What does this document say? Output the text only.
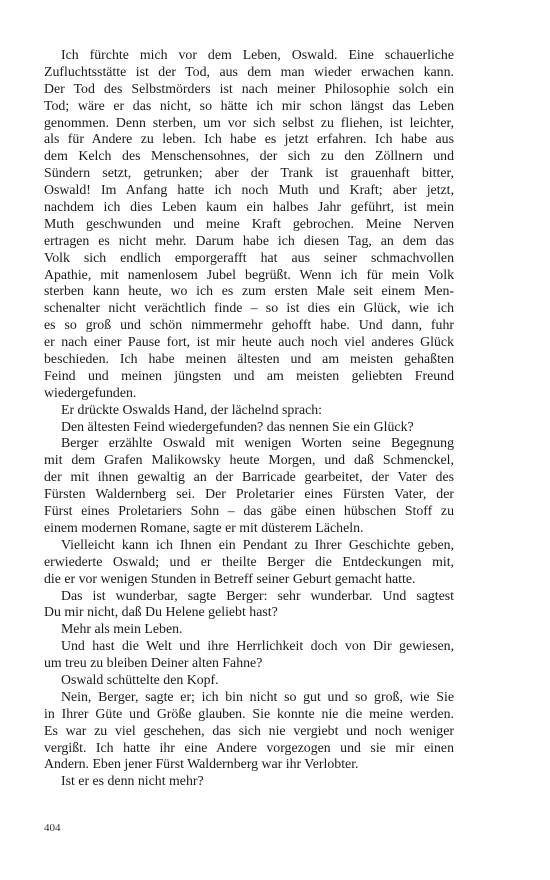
Ich fürchte mich vor dem Leben, Oswald. Eine schauerliche
Zufluchtsstätte ist der Tod, aus dem man wieder erwachen kann.
Der Tod des Selbstmörders ist nach meiner Philosophie solch ein
Tod; wäre er das nicht, so hätte ich mir schon längst das Leben
genommen. Denn sterben, um vor sich selbst zu fliehen, ist leichter,
als für Andere zu leben. Ich habe es jetzt erfahren. Ich habe aus
dem Kelch des Menschensohnes, der sich zu den Zöllnern und
Sündern setzt, getrunken; aber der Trank ist grauenhaft bitter,
Oswald! Im Anfang hatte ich noch Muth und Kraft; aber jetzt,
nachdem ich dies Leben kaum ein halbes Jahr geführt, ist mein
Muth geschwunden und meine Kraft gebrochen. Meine Nerven
ertragen es nicht mehr. Darum habe ich diesen Tag, an dem das
Volk sich endlich emporgerafft hat aus seiner schmachvollen
Apathie, mit namenlosem Jubel begrüßt. Wenn ich für mein Volk
sterben kann heute, wo ich es zum ersten Male seit einem Men-
schenalter nicht verächtlich finde – so ist dies ein Glück, wie ich
es so groß und schön nimmermehr gehofft habe. Und dann, fuhr
er nach einer Pause fort, ist mir heute auch noch viel anderes Glück
beschieden. Ich habe meinen ältesten und am meisten gehaßten
Feind und meinen jüngsten und am meisten geliebten Freund
wiedergefunden.
Er drückte Oswalds Hand, der lächelnd sprach:
Den ältesten Feind wiedergefunden? das nennen Sie ein Glück?
Berger erzählte Oswald mit wenigen Worten seine Begegnung
mit dem Grafen Malikowsky heute Morgen, und daß Schmenckel,
der mit ihnen gewaltig an der Barricade gearbeitet, der Vater des
Fürsten Waldernberg sei. Der Proletarier eines Fürsten Vater, der
Fürst eines Proletariers Sohn – das gäbe einen hübschen Stoff zu
einem modernen Romane, sagte er mit düsterem Lächeln.
Vielleicht kann ich Ihnen ein Pendant zu Ihrer Geschichte geben,
erwiederte Oswald; und er theilte Berger die Entdeckungen mit,
die er vor wenigen Stunden in Betreff seiner Geburt gemacht hatte.
Das ist wunderbar, sagte Berger: sehr wunderbar. Und sagtest
Du mir nicht, daß Du Helene geliebt hast?
Mehr als mein Leben.
Und hast die Welt und ihre Herrlichkeit doch von Dir gewiesen,
um treu zu bleiben Deiner alten Fahne?
Oswald schüttelte den Kopf.
Nein, Berger, sagte er; ich bin nicht so gut und so groß, wie Sie
in Ihrer Güte und Größe glauben. Sie konnte nie die meine werden.
Es war zu viel geschehen, das sich nie vergiebt und noch weniger
vergißt. Ich hatte ihr eine Andere vorgezogen und sie mir einen
Andern. Eben jener Fürst Waldernberg war ihr Verlobter.
Ist er es denn nicht mehr?
404
